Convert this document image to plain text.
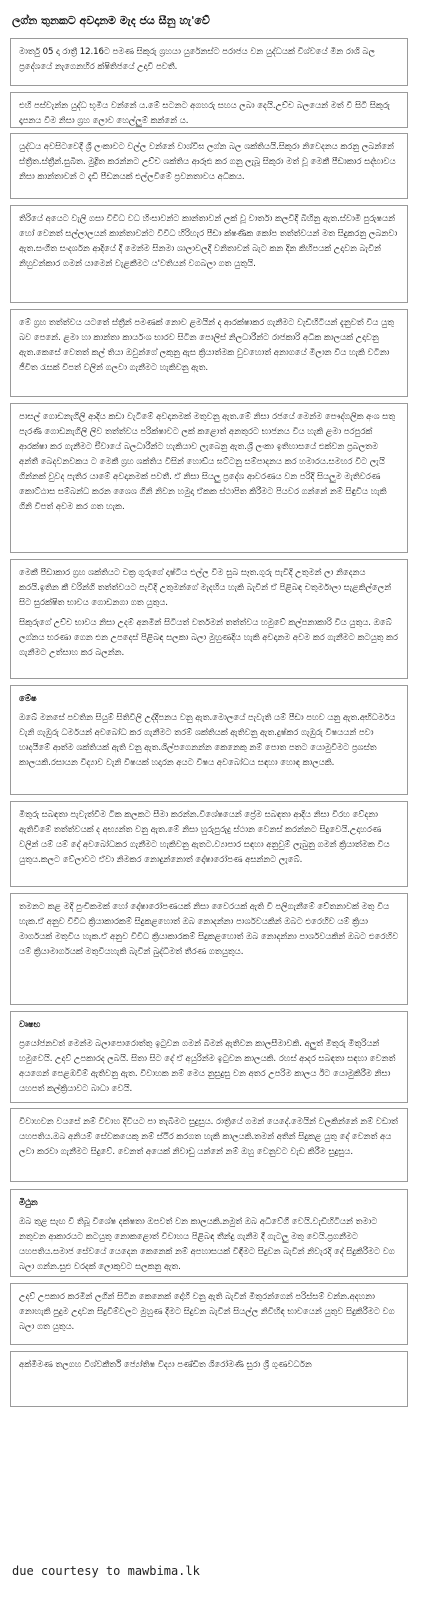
ලග්න තුනකට අවදානම මැද ජය සීනු හැ'වේ

මාර්තු 05 දා රාත්‍රී 12.16ට පමණ සිකුරු ග්‍රහයා යුරේනස්ට පරාජය වන යුද්ධයක් විශ්වයේ මීන රාශි බල ප්‍රදේශයේ නැගෙනහිර ක්ෂිතිජයේ උදාවී පවතී.

එහි පස්වැන්න යුද්ධ භූමිය වන්නේ ය.මේ සටනට අගහරු සහය ලබා දෙයි.උච්ච බලයෙන් මත් වී සිටි සිකුරු දෑපනය වීම නිසා ග්‍රහ ලොව හෙල්ලුම් කන්නේ ය.

යුද්ධය අවසිටවෙදී ශ්‍රී ලංකාවට වල්ල වන්නේ වාශ්විඝ ලග්න බල ශක්තියයි.සිකුරා නිවෙදනය කරනු ලබන්නේ ස්ත්‍රීත.ස්ත්‍රීන්.සුබිත. මුද්‍රිත කරන්නට උච්ච ශක්තිය ආරූඪ කර ගනු ලැබූ සිකුරා මත් වූ මෙකී පීඩාකාර සද්භාවය නිසා කාන්තාවන් ට දැඩි පීඩනයක් එල්ලවීමේ ප්‍රවනතාවය අධිකය.

තිරියේ අයෙට වැලි ගසා විවිධ වධ හිංසාවන්ට කාන්තාවන් ලක් වූ වාර්තා කලවිදී බිහිනු ඇත.ස්වාමි පුරුෂයන් හෝ වෙනත් සල්ලාලයන් කාන්තාවන්ට විවිධ හිරිහැර පීඩා ක්ෂණික කෝප තත්ත්වයන් මත සිදුකරනු ලබනවා ඇත.සංගීත සංදර්ශන ආදියේ දී මෙන්ම සිනමා ශාලාවලදී වනිතාවන් බැට කන දින කිහිපයක් උදාවන බැවින් නිහුවන්කාර ගමන් යාමෙන් වැළකීමට ය'වතියන් වගබලා ගත යුතුයි.

මේ ග්‍රහ තත්ත්වය යටතේ ස්ත්‍රීන් පමණක් නොව ළමයින් ද ආරක්ෂාකර ගැනීමට වැඩිහිටියන් දැනුවත් විය යුතු බව පෙනේ. ළමා හා කාන්තා කාර්යංශ භාරව සිටින පොලිස් නිලධාරීන්ට රාජකාරි අධික කාලයක් උදාවනු ඇත.කෙසේ වෙතත් කල් තියා ඔවුන්ගේ ලකුනු ඇස ක්‍රියාත්මක වුවහොත් අනාගයේ මිලාන විය හැකි වටිනා ජීවිත රැසක් විපත් වලින් ගලවා ගැනීමට හැකිවනු ඇත.

පාසල් ගොඩනැගිලි ආදිය කඩා වැටීමේ අවදානමක් මතුවනු ඇත.මේ නිසා රජයේ මෙන්ම පෞද්ගලික අංශ සතු පැරණි ගොඩනැගිලි ලිව තත්ත්වය පරික්ෂාවට ලක් කළොත් අනතුරට භාජනය විය හැකි ළමා පරපුරක් ආරක්ෂා කර ගැනීමට එීවායේ බලධාරීන්ට හැකියාව ලැබෙනු ඇත.ශ්‍රී ලංකා ඉතිහාසයේ එක්වන ප්‍රබලතම අන්තී බෙදවනවකය ට මෙකී ග්‍රහ ශක්තිය විසින් හොඩ්ය ඝට්ටනු සම්පාදනය කර හමාරය.සමහර විට ලැයි ගින්නක් වුවද පැතිර යාමේ අවදානමක් පවතී. ඒ නිසා සියලු ප්‍රදේශ ආවරණය වන පරිදි සියලුම මැතිවරණ කොට්ඨාස සම්බන්ධ කරන ශෛශ ගිනි නිවන හමුදා ඒකක ස්ථාපිත කිරීමට පියවර ගන්නේ නම් සිඳුවිය හැකි ගිනි විපත් අවම කර ගත හැක.

මෙකී පීඩාකාර ග්‍රහ ශක්තියට චක්‍ර ගුරුගේ දාෂ්ටිය එල්ල වීම සුබ සෑත.ගුරු පැවිදි උතුමන් ලා නිදෙනය කරයි.ඉතින කී වරින්ගි තත්ත්වයට පැවිදි උතුමන්ගේ මැදහිය හැකි බැවින් ඒ පිළිබඳ චතුර්මාලා සැළකිල්ලෙන් සිට සුරක්ෂිත භාවය ගොඩනගා ගත යුතුය.

සිකුරුගේ උච්ච භාවය නිසා උදම් අනමින් සිටියත් වර්තමන් තත්ත්වය හමුවේ කල්පනාකාරි විය යුතුය. ඔබේ ලග්නය භරණා ගෙන එන උපදෙස් පිළිබඳ සලකා බලා මුහුණදිය හැකි අවදානම අවම කර ගැනීමට කටයුතු කර ගැනීමට උත්සාහ කර බලන්න.

මේෂ

ඔබේ මනසේ පවතින සියුම් සිතිවිලි උද්දීපනය වනු ඇත.මොලයේ පැවැති යම් පීඩා පහව යනු ඇත.අභිධර්මය වැනි ගැඹුරු ධර්මයන් අවබෝධ කර ගැනීමට තරම් ශක්තියක් ඇතිවනු ඇත.දුෂ්කර ගැඹුරු විෂයයන් පවා හෘදයීමේ ආත්ම ශක්තියක් ඇති වනු ඇත.ශිල්පගෙනන්න කෙනෙකු නම් පොත පතට යොමුවීමට ප්‍රශස්ත කාලයකි.රසායන විද්‍යාව වැනි විෂයක් හදාරන අයට විෂය අවබෝධය සඳහා හොඳ කාලයකි.

මිතුරු සබඳතා පැවැත්වීම ටික කලකට සීමා කරන්න.විශේෂයෙන් ප්‍රේම සබඳතා ආදිය නිසා විරහ වේදනා ඇතිවීමේ තත්ත්වයක් ද අභ්‍යන්ත වනු ඇත.මේ නිසා හුරුපුරුදු ස්ථාන වෙනස් කරන්නට සිදුවෙයි.උදාහරණ වලින් යම් යම් දේ අවබෝධකර ගැනීමට හැකිවනු ඇතට.ව්‍යාපාර සඳහා අනුවුම් ලැබුනු ගමන් ක්‍රියාත්මක විය යුතුය.කලට වේලාවට ඒවා නිමකර නොදුන්නොත් දෝෂාරෝපණ අසන්නට ලැබේ.

තමනට කළ මදි පුංචිකමක් හෝ දෝෂාරෝපණයක් නිසා වෛරයක් ඇති වී පලිගැනීමේ චේතනාවක් මතු විය හැක.ඒ අනුව විවිධ ක්‍රියාකාරකම් සිදුකළහොත් ඔබ නොදන්නා පාර්ශවයකින් ඔබට එරෙහිව යම් ක්‍රියා මාර්ගයක් මතුවිය හැක.ඒ අනුව විවිධ ක්‍රියාකාරකම් සිදුකළහොත් ඔබ නොදන්නා පාර්ශවයකින් ඔබට එරෙහිව යම් ක්‍රියාමාර්ගයක් මතුවියහැකි බැවින් බුද්ධිමත් තීරණ ගතයුතුය.

වෘෂභ

ප්‍රයෝජනවත් මෙන්ම බලාපොරොත්තු ඉටුවන ගමන් බිමන් ඇතිවන කාලසීමාවකි. අලුත් මිතුරු මිතුරියන් හමුවෙයි. උදව් උපකාරද ලබයි. සිතා සිට දේ ඒ අයුරින්ම ඉටුවන කාලයකි. රහස් ආදර සබඳතා සඳහා වෙනත් අයගෙන් පෙළඹවීම් ඇතිවනු ඇත. විවාහක නම් මෙය නුසුදුසු වන අතර උපරිම කාලය ඊට යොමුකිරීම නිසා යහපත් කල්ක්‍රියාවට බාධා වෙයි.

විවාහවන වයසේ නම් විවාහ දිවියට පා තැබීමට සුදුසුය. රාත්‍රියේ ගමන් යෙදේ.මෙයින් වලකින්නේ නම් වඩාත් යහපතිය.ඔබ අනියම් සේවකයෙකු නම් ස්ථිර කරගත හැකි කාලයකි.තමන් අතින් සිදුකළ යුතු දේ වෙනත් අය ලවා කරවා ගැනීමට සිදුවේ. වෙනත් අයෙක් නිවාඩු යන්නේ නම් ඔහු වෙනුවට වැඩ කිරීම සුදුසුය.

මිථුන

ඔබ තුළ සැඟ වී තිබූ විශේෂ දක්ෂතා ඔපවත් වන කාලයකි.නමුත් ඔබ අධිවේගී වෙයි.වැඩිහිටියන් තමාට නතුවන ආකාරයට කටයුතු නොකළොත් විවාහය පිළිබඳ තීන්දු ගැනීම දී ගැටලු මතු වෙයි.ප්‍රගනීමට යහපතිය.සමාජ සේවයේ යෙදෙන කෙනෙක් නම් අපහාසයක් විඳීමට සිදුවන බැවින් නිවැරදි දේ සිදුකිරීමට වග බලා ගන්න.සුළු වරදක් ලොකුවට සලකනු ඇත.

උදව් උපකාර කරමින් ලගින් සිටින කෙනෙක් දෝහී වනු ඇති බැවින් මිතුරන්ගෙන් පරිස්සම් වන්න.අදහනා නොහැකි පුදුම උදාවන සිදුවීම්වලට මුහුණ දීමට සිදුවන බැවින් සියල්ල නිවිහිඳ භාවයෙන් යුතුව සිදුකිරීමට වග බලා ගත යුතුය.

අක්මීමණ තලගහ විශ්වකීර්ති ජ්‍යෝතිෂ විද්‍යා පණ්ඩිත ශිරෝමණි සුරා ශ්‍රී ගුණවර්ධන

due courtesy to mawbima.lk
